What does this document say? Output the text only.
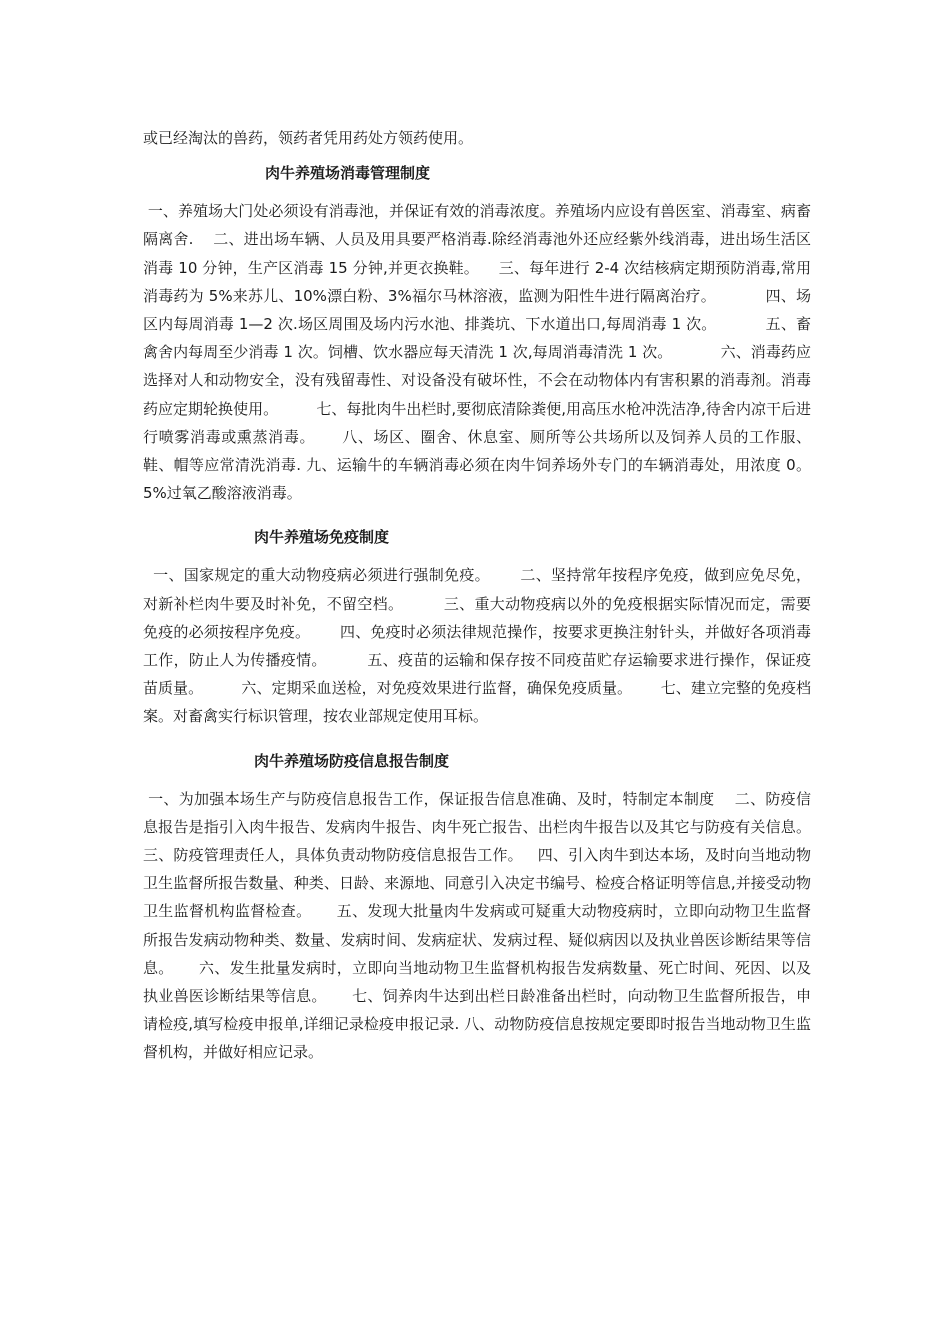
或已经淘汰的兽药，领药者凭用药处方领药使用。

肉牛养殖场消毒管理制度

一、养殖场大门处必须设有消毒池，并保证有效的消毒浓度。养殖场内应设有兽医室、消毒室、病畜隔离舍.    二、进出场车辆、人员及用具要严格消毒.除经消毒池外还应经紫外线消毒，进出场生活区消毒 10 分钟，生产区消毒 15 分钟,并更衣换鞋。    三、每年进行 2-4 次结核病定期预防消毒,常用消毒药为 5%来苏儿、10%漂白粉、3%福尔马林溶液，监测为阳性牛进行隔离治疗。          四、场区内每周消毒 1—2 次.场区周围及场内污水池、排粪坑、下水道出口,每周消毒 1 次。          五、畜禽舍内每周至少消毒 1 次。饲槽、饮水器应每天清洗 1 次,每周消毒清洗 1 次。          六、消毒药应选择对人和动物安全，没有残留毒性、对设备没有破坏性，不会在动物体内有害积累的消毒剂。消毒药应定期轮换使用。        七、每批肉牛出栏时,要彻底清除粪便,用高压水枪冲洗洁净,待舍内凉干后进行喷雾消毒或熏蒸消毒。     八、场区、圈舍、休息室、厕所等公共场所以及饲养人员的工作服、鞋、帽等应常清洗消毒. 九、运输牛的车辆消毒必须在肉牛饲养场外专门的车辆消毒处，用浓度 0。5%过氧乙酸溶液消毒。

肉牛养殖场免疫制度

一、国家规定的重大动物疫病必须进行强制免疫。      二、坚持常年按程序免疫，做到应免尽免，对新补栏肉牛要及时补免，不留空档。        三、重大动物疫病以外的免疫根据实际情况而定，需要免疫的必须按程序免疫。      四、免疫时必须法律规范操作，按要求更换注射针头，并做好各项消毒工作，防止人为传播疫情。        五、疫苗的运输和保存按不同疫苗贮存运输要求进行操作，保证疫苗质量。        六、定期采血送检，对免疫效果进行监督，确保免疫质量。      七、建立完整的免疫档案。对畜禽实行标识管理，按农业部规定使用耳标。

肉牛养殖场防疫信息报告制度

一、为加强本场生产与防疫信息报告工作，保证报告信息准确、及时，特制定本制度    二、防疫信息报告是指引入肉牛报告、发病肉牛报告、肉牛死亡报告、出栏肉牛报告以及其它与防疫有关信息。    三、防疫管理责任人，具体负责动物防疫信息报告工作。   四、引入肉牛到达本场，及时向当地动物卫生监督所报告数量、种类、日龄、来源地、同意引入决定书编号、检疫合格证明等信息,并接受动物卫生监督机构监督检查。     五、发现大批量肉牛发病或可疑重大动物疫病时，立即向动物卫生监督所报告发病动物种类、数量、发病时间、发病症状、发病过程、疑似病因以及执业兽医诊断结果等信息。     六、发生批量发病时，立即向当地动物卫生监督机构报告发病数量、死亡时间、死因、以及执业兽医诊断结果等信息。     七、饲养肉牛达到出栏日龄准备出栏时，向动物卫生监督所报告，申请检疫,填写检疫申报单,详细记录检疫申报记录. 八、动物防疫信息按规定要即时报告当地动物卫生监督机构，并做好相应记录。
